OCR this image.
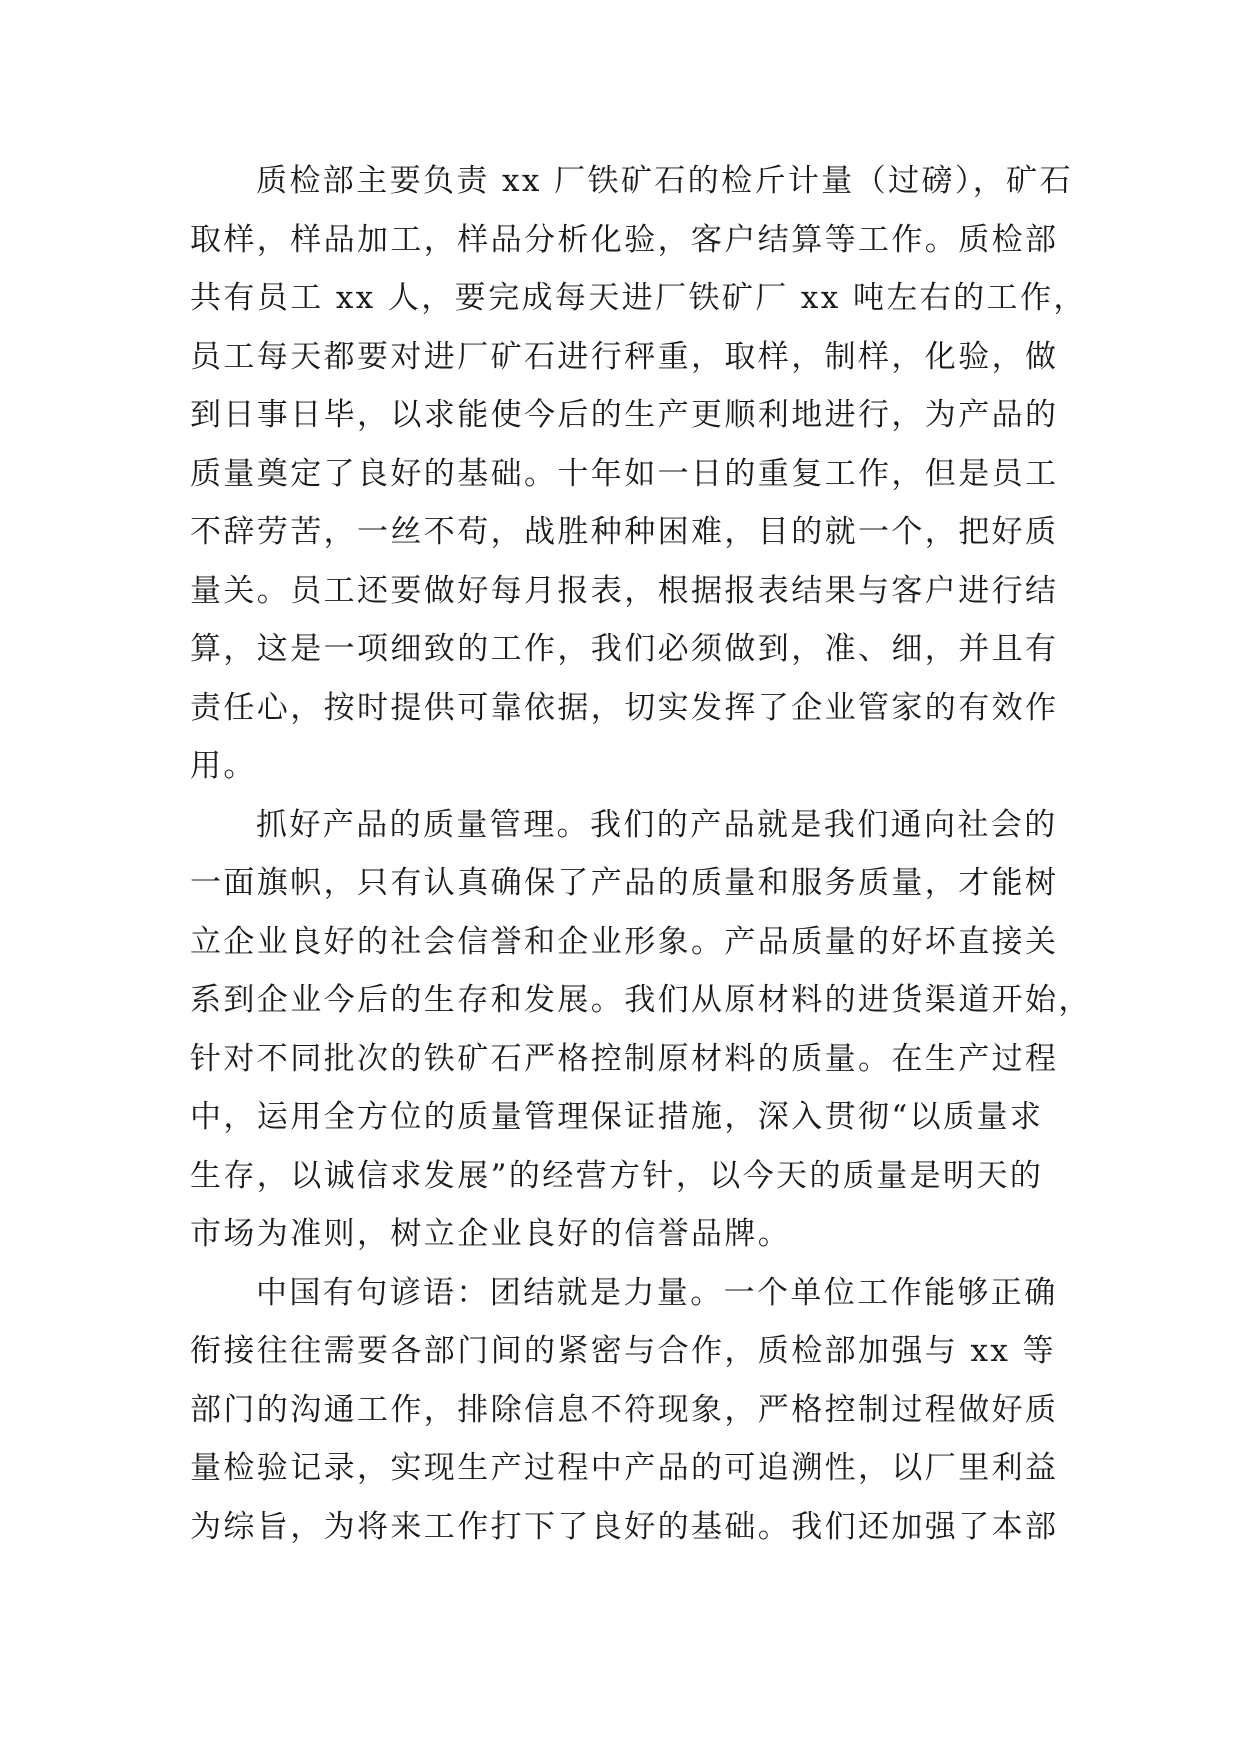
质检部主要负责 xx 厂铁矿石的检斤计量（过磅），矿石
取样，样品加工，样品分析化验，客户结算等工作。质检部
共有员工 xx 人，要完成每天进厂铁矿厂 xx 吨左右的工作，
员工每天都要对进厂矿石进行秤重，取样，制样，化验，做
到日事日毕，以求能使今后的生产更顺利地进行，为产品的
质量奠定了良好的基础。十年如一日的重复工作，但是员工
不辞劳苦，一丝不苟，战胜种种困难，目的就一个，把好质
量关。员工还要做好每月报表，根据报表结果与客户进行结
算，这是一项细致的工作，我们必须做到，准、细，并且有
责任心，按时提供可靠依据，切实发挥了企业管家的有效作
用。
抓好产品的质量管理。我们的产品就是我们通向社会的
一面旗帜，只有认真确保了产品的质量和服务质量，才能树
立企业良好的社会信誉和企业形象。产品质量的好坏直接关
系到企业今后的生存和发展。我们从原材料的进货渠道开始，
针对不同批次的铁矿石严格控制原材料的质量。在生产过程
中，运用全方位的质量管理保证措施，深入贯彻“以质量求
生存，以诚信求发展”的经营方针，以今天的质量是明天的
市场为准则，树立企业良好的信誉品牌。
中国有句谚语：团结就是力量。一个单位工作能够正确
衔接往往需要各部门间的紧密与合作，质检部加强与 xx 等
部门的沟通工作，排除信息不符现象，严格控制过程做好质
量检验记录，实现生产过程中产品的可追溯性，以厂里利益
为综旨，为将来工作打下了良好的基础。我们还加强了本部
